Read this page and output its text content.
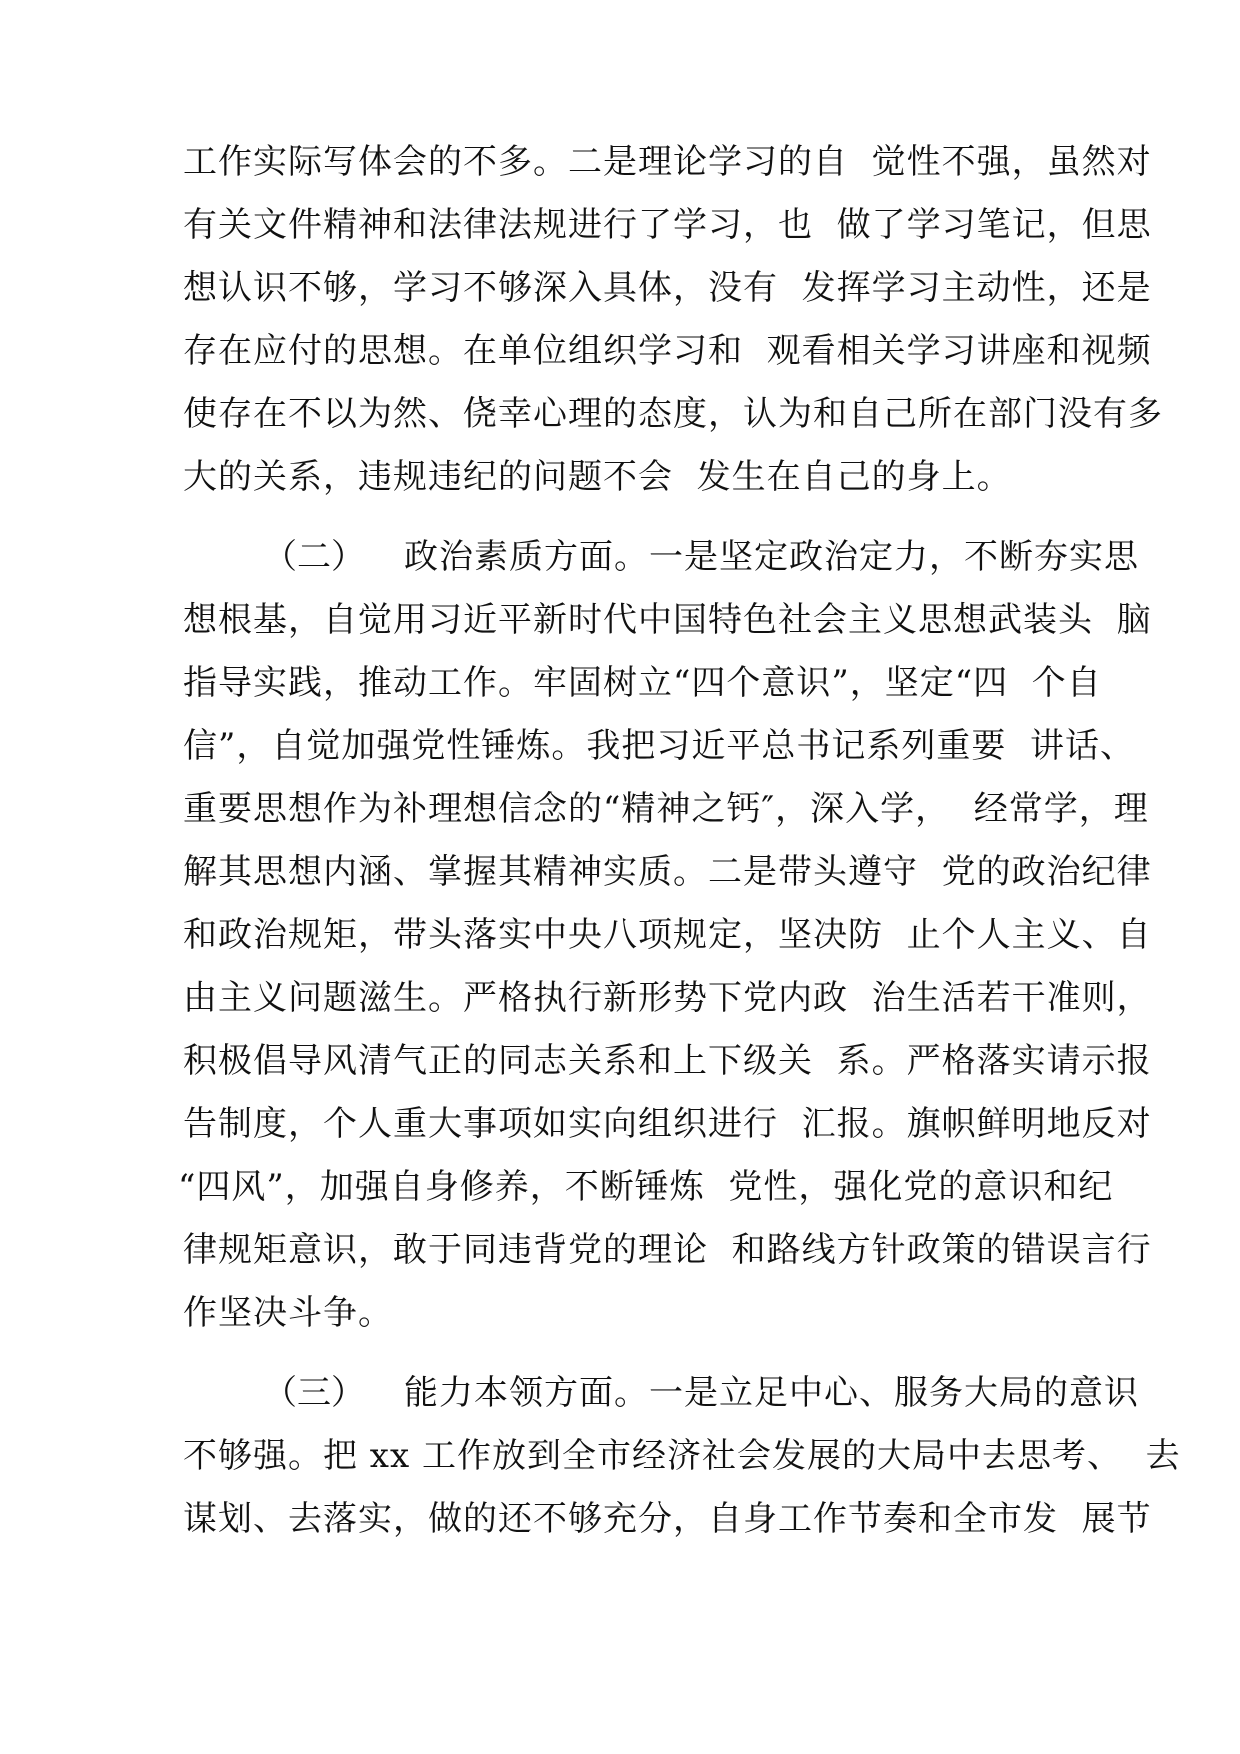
工作实际写体会的不多。二是理论学习的自  觉性不强，虽然对
有关文件精神和法律法规进行了学习，也  做了学习笔记，但思
想认识不够，学习不够深入具体，没有  发挥学习主动性，还是
存在应付的思想。在单位组织学习和  观看相关学习讲座和视频
使存在不以为然、侥幸心理的态度，认为和自己所在部门没有多
大的关系，违规违纪的问题不会  发生在自己的身上。
（二） 政治素质方面。一是坚定政治定力，不断夯实思
想根基，自觉用习近平新时代中国特色社会主义思想武装头  脑
指导实践，推动工作。牢固树立“四个意识”，坚定“四  个自
信”，自觉加强党性锤炼。我把习近平总书记系列重要  讲话、
重要思想作为补理想信念的“精神之钙″，深入学，  经常学，理
解其思想内涵、掌握其精神实质。二是带头遵守  党的政治纪律
和政治规矩，带头落实中央八项规定，坚决防  止个人主义、自
由主义问题滋生。严格执行新形势下党内政  治生活若干准则，
积极倡导风清气正的同志关系和上下级关  系。严格落实请示报
告制度，个人重大事项如实向组织进行  汇报。旗帜鲜明地反对
“四风”，加强自身修养，不断锤炼  党性，强化党的意识和纪
律规矩意识，敢于同违背党的理论  和路线方针政策的错误言行
作坚决斗争。
（三） 能力本领方面。一是立足中心、服务大局的意识
不够强。把 xx 工作放到全市经济社会发展的大局中去思考、  去
谋划、去落实，做的还不够充分，自身工作节奏和全市发  展节
